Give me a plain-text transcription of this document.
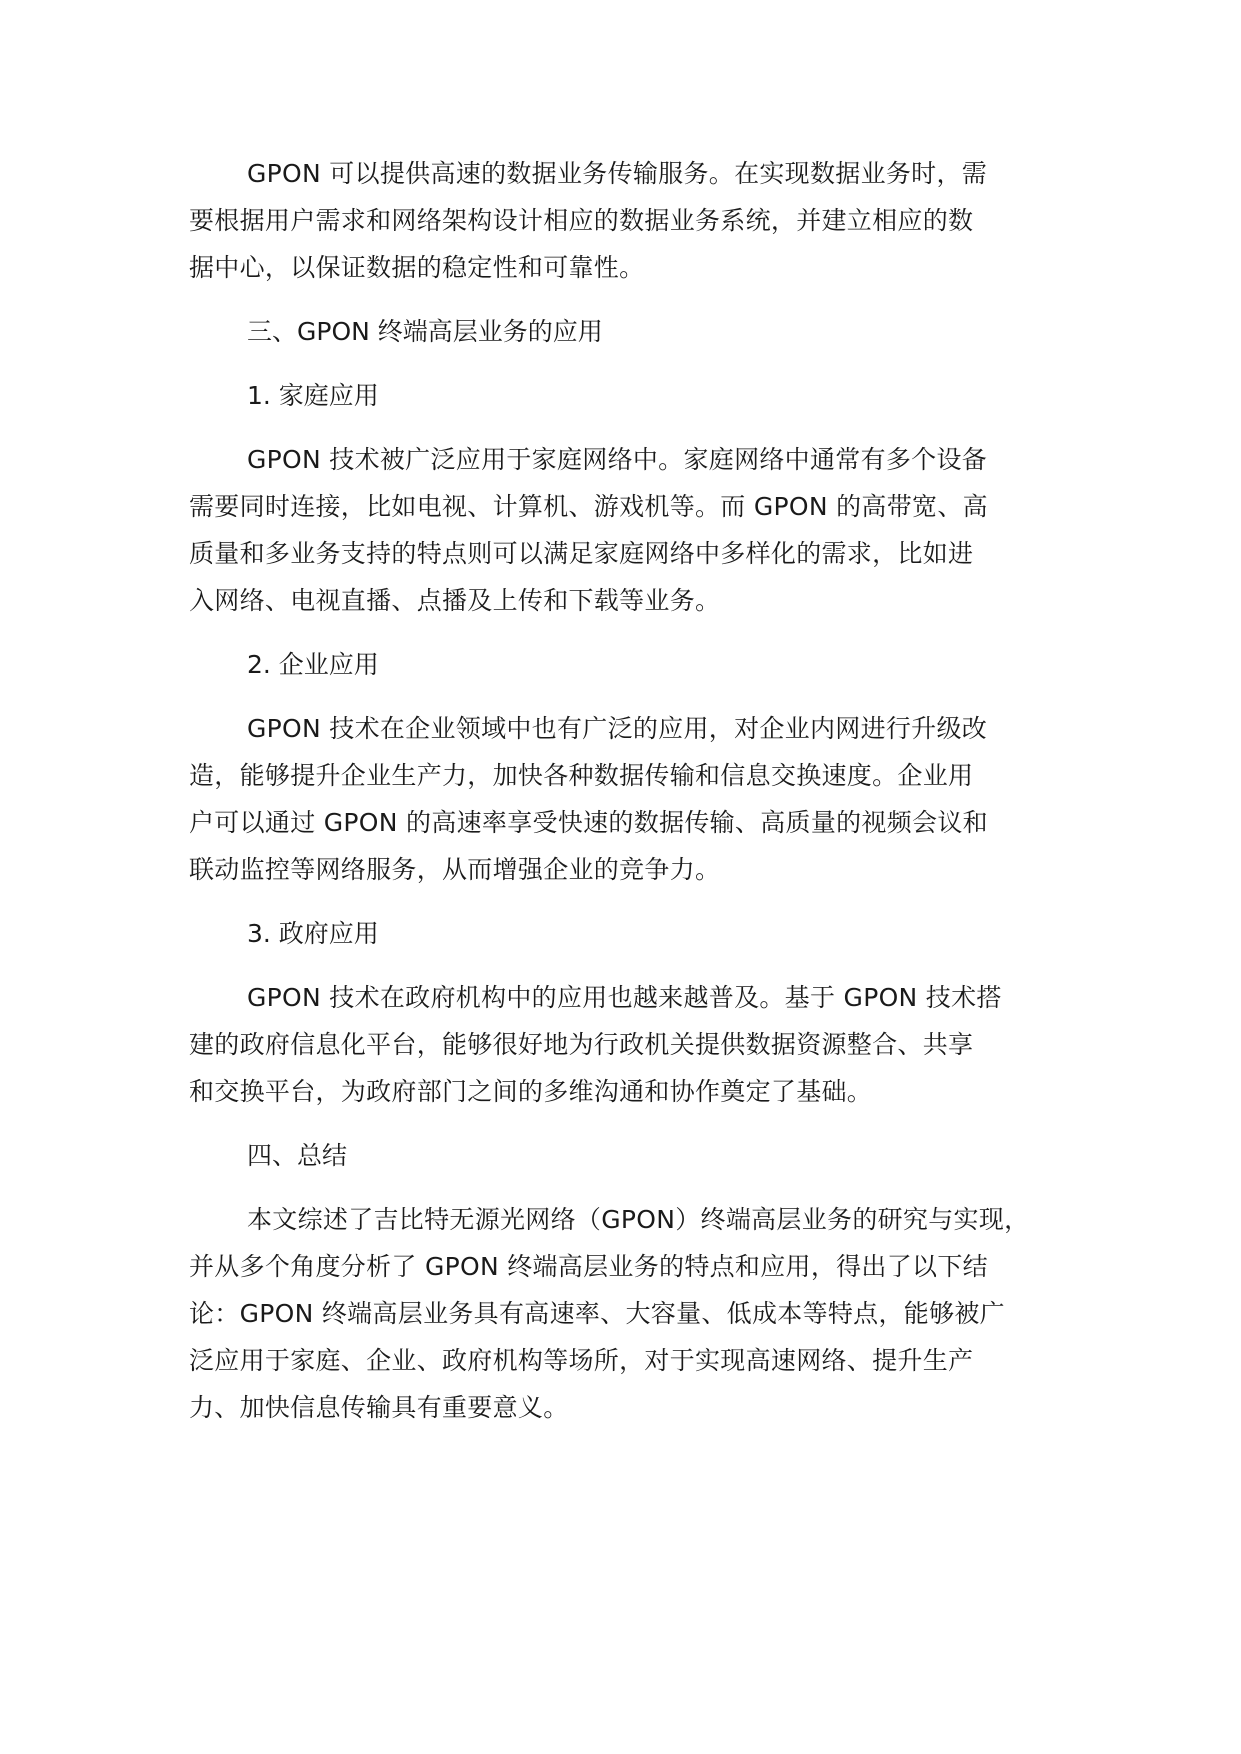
GPON 可以提供高速的数据业务传输服务。在实现数据业务时，需
要根据用户需求和网络架构设计相应的数据业务系统，并建立相应的数
据中心，以保证数据的稳定性和可靠性。

三、GPON 终端高层业务的应用
1. 家庭应用

GPON 技术被广泛应用于家庭网络中。家庭网络中通常有多个设备
需要同时连接，比如电视、计算机、游戏机等。而 GPON 的高带宽、高
质量和多业务支持的特点则可以满足家庭网络中多样化的需求，比如进
入网络、电视直播、点播及上传和下载等业务。

2. 企业应用

GPON 技术在企业领域中也有广泛的应用，对企业内网进行升级改
造，能够提升企业生产力，加快各种数据传输和信息交换速度。企业用
户可以通过 GPON 的高速率享受快速的数据传输、高质量的视频会议和
联动监控等网络服务，从而增强企业的竞争力。

3. 政府应用

GPON 技术在政府机构中的应用也越来越普及。基于 GPON 技术搭
建的政府信息化平台，能够很好地为行政机关提供数据资源整合、共享
和交换平台，为政府部门之间的多维沟通和协作奠定了基础。

四、总结

本文综述了吉比特无源光网络（GPON）终端高层业务的研究与实现，
并从多个角度分析了 GPON 终端高层业务的特点和应用，得出了以下结
论：GPON 终端高层业务具有高速率、大容量、低成本等特点，能够被广
泛应用于家庭、企业、政府机构等场所，对于实现高速网络、提升生产
力、加快信息传输具有重要意义。
